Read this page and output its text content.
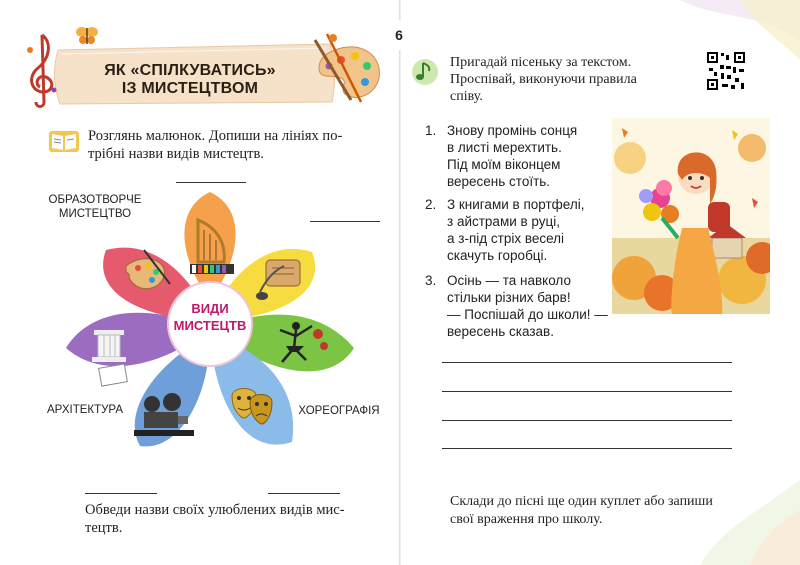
ЯК «СПІЛКУВАТИСЬ»
ІЗ МИСТЕЦТВОМ
Розглянь малюнок. Допиши на лініях по-
трібні назви видів мистецтв.
ВИДИ
МИСТЕЦТВ
ОБРАЗОТВОРЧЕ
МИСТЕЦТВО
АРХІТЕКТУРА	ХОРЕОГРАФІЯ
Обведи назви своїх улюблених видів мис-
тецтв.
6
Пригадай пісеньку за текстом.
Проспівай, виконуючи правила
співу.
1. Знову промінь сонця
в листі мерехтить.
Під моїм віконцем
вересень стоїть.
2. З книгами в портфелі,
з айстрами в руці,
а з-під стріх веселі
скачуть горобці.
3. Осінь — та навколо
стільки різних барв!
— Поспішай до школи! —
вересень сказав.
Склади до пісні ще один куплет або запиши
свої враження про школу.
